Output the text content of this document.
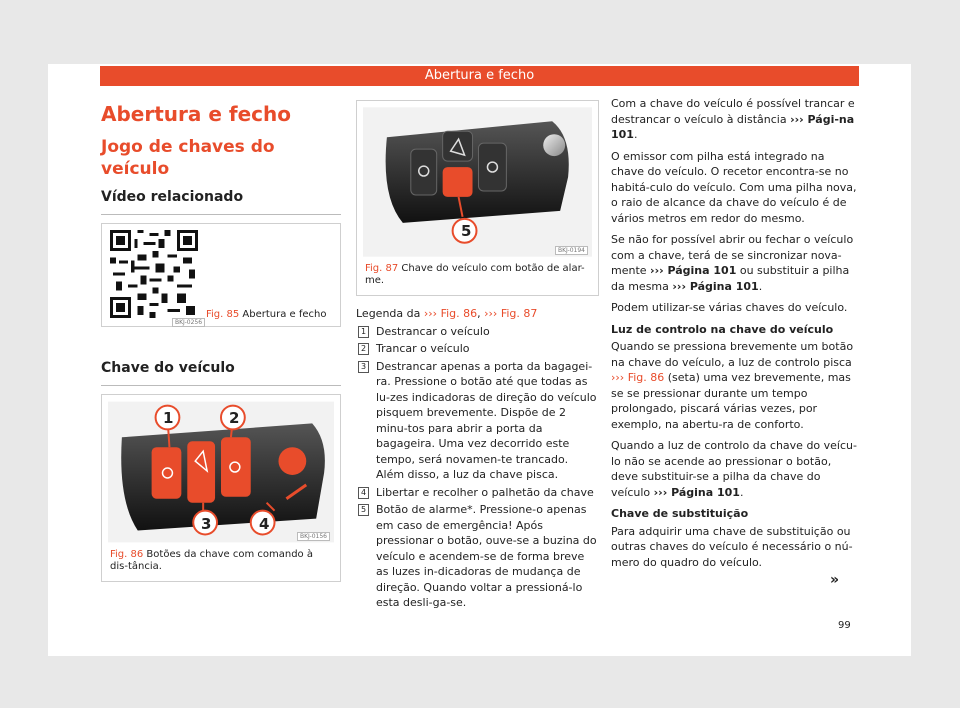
Abertura e fecho
Abertura e fecho
Jogo de chaves do veículo
Vídeo relacionado
BKJ-0256
Fig. 85 Abertura e fecho
Chave do veículo
1	2
3	4
BKJ-0156
Fig. 86 Botões da chave com comando à dis-tância.
5
BKJ-0194
Fig. 87 Chave do veículo com botão de alar-me.

Legenda da ››› Fig. 86, ››› Fig. 87

1 Destrancar o veículo
2 Trancar o veículo
3 Destrancar apenas a porta da bagagei-ra. Pressione o botão até que todas as lu-zes indicadoras de direção do veículo pisquem brevemente. Dispõe de 2 minu-tos para abrir a porta da bagageira. Uma vez decorrido este tempo, será novamen-te trancado. Além disso, a luz da chave pisca.
4 Libertar e recolher o palhetão da chave
5 Botão de alarme*. Pressione-o apenas em caso de emergência! Após pressionar o botão, ouve-se a buzina do veículo e acendem-se de forma breve as luzes in-dicadoras de mudança de direção. Quando voltar a pressioná-lo esta desli-ga-se.

Com a chave do veículo é possível trancar e destrancar o veículo à distância ››› Pági-na 101.

O emissor com pilha está integrado na chave do veículo. O recetor encontra-se no habitá-culo do veículo. Com uma pilha nova, o raio de alcance da chave do veículo é de vários metros em redor do mesmo.

Se não for possível abrir ou fechar o veículo com a chave, terá de se sincronizar nova-mente ››› Página 101 ou substituir a pilha da mesma ››› Página 101.

Podem utilizar-se várias chaves do veículo.

Luz de controlo na chave do veículo

Quando se pressiona brevemente um botão na chave do veículo, a luz de controlo pisca ››› Fig. 86 (seta) uma vez brevemente, mas se se pressionar durante um tempo prolongado, piscará várias vezes, por exemplo, na abertu-ra de conforto.

Quando a luz de controlo da chave do veícu-lo não se acende ao pressionar o botão, deve substituir-se a pilha da chave do veículo ››› Página 101.

Chave de substituição

Para adquirir uma chave de substituição ou outras chaves do veículo é necessário o nú-mero do quadro do veículo.

»
99
